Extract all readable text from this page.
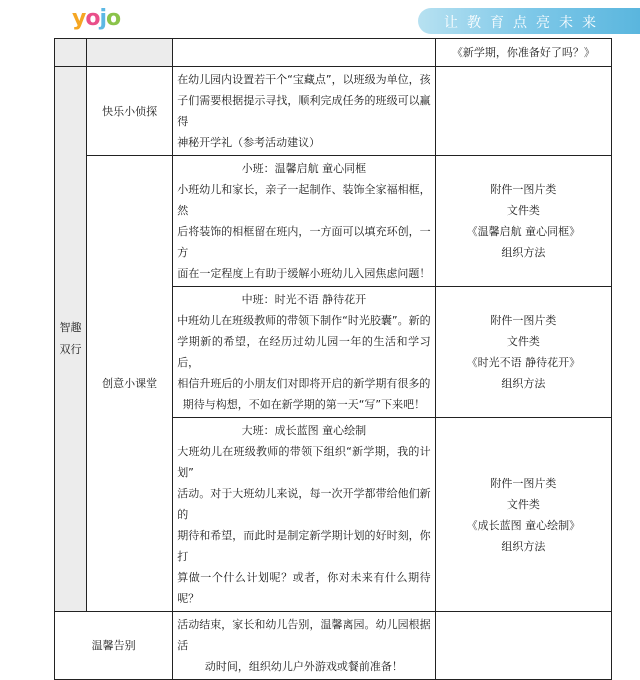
yojo	让教育点亮未来
			《新学期，你准备好了吗？》

智趣
双行	快乐小侦探	在幼儿园内设置若干个“宝藏点”，以班级为单位，孩
子们需要根据提示寻找，顺利完成任务的班级可以赢得
神秘开学礼（参考活动建议）	

	创意小课堂	小班：温馨启航 童心同框
小班幼儿和家长，亲子一起制作、装饰全家福相框，然
后将装饰的相框留在班内，一方面可以填充环创，一方
面在一定程度上有助于缓解小班幼儿入园焦虑问题！	附件一图片类
文件类
《温馨启航 童心同框》
组织方法

		中班：时光不语 静待花开
中班幼儿在班级教师的带领下制作“时光胶囊”。新的
学期新的希望，在经历过幼儿园一年的生活和学习后，
相信升班后的小朋友们对即将开启的新学期有很多的
期待与构想，不如在新学期的第一天“写”下来吧！	附件一图片类
文件类
《时光不语 静待花开》
组织方法

		大班：成长蓝图 童心绘制
大班幼儿在班级教师的带领下组织“新学期，我的计划”
活动。对于大班幼儿来说，每一次开学都带给他们新的
期待和希望，而此时是制定新学期计划的好时刻，你打
算做一个什么计划呢？或者，你对未来有什么期待呢？	附件一图片类
文件类
《成长蓝图 童心绘制》
组织方法

温馨告别		活动结束，家长和幼儿告别，温馨离园。幼儿园根据活
动时间，组织幼儿户外游戏或餐前准备！	
